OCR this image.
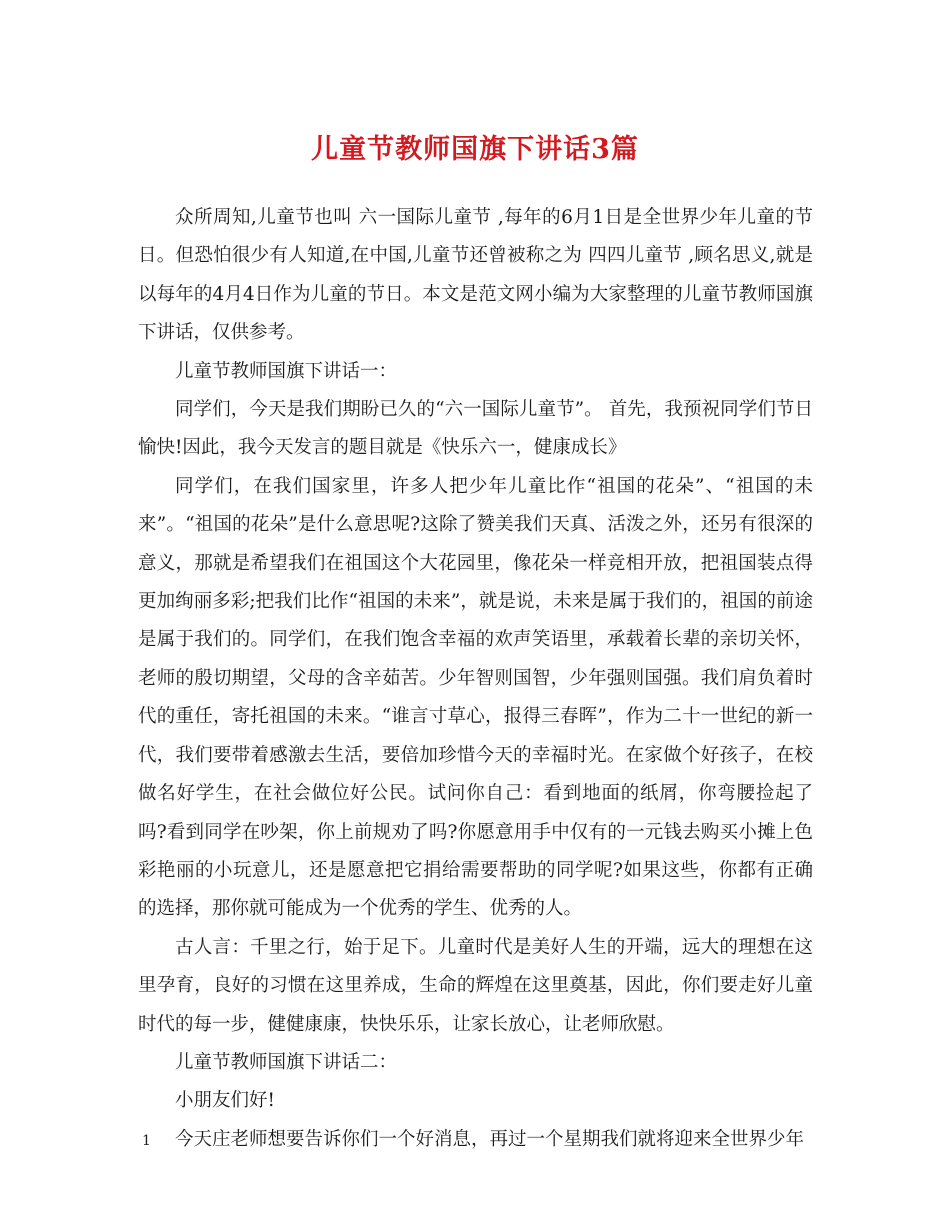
儿童节教师国旗下讲话3篇

众所周知,儿童节也叫 六一国际儿童节 ,每年的6月1日是全世界少年儿童的节日。但恐怕很少有人知道,在中国,儿童节还曾被称之为 四四儿童节 ,顾名思义,就是以每年的4月4日作为儿童的节日。本文是范文网小编为大家整理的儿童节教师国旗下讲话，仅供参考。

儿童节教师国旗下讲话一：

同学们，今天是我们期盼已久的“六一国际儿童节”。 首先，我预祝同学们节日愉快!因此，我今天发言的题目就是《快乐六一，健康成长》

同学们，在我们国家里，许多人把少年儿童比作“祖国的花朵”、“祖国的未来”。“祖国的花朵”是什么意思呢?这除了赞美我们天真、活泼之外，还另有很深的意义，那就是希望我们在祖国这个大花园里，像花朵一样竞相开放，把祖国装点得更加绚丽多彩;把我们比作“祖国的未来”，就是说，未来是属于我们的，祖国的前途是属于我们的。同学们，在我们饱含幸福的欢声笑语里，承载着长辈的亲切关怀，老师的殷切期望，父母的含辛茹苦。少年智则国智，少年强则国强。我们肩负着时代的重任，寄托祖国的未来。“谁言寸草心，报得三春晖”，作为二十一世纪的新一代，我们要带着感激去生活，要倍加珍惜今天的幸福时光。在家做个好孩子，在校做名好学生，在社会做位好公民。试问你自己：看到地面的纸屑，你弯腰捡起了吗?看到同学在吵架，你上前规劝了吗?你愿意用手中仅有的一元钱去购买小摊上色彩艳丽的小玩意儿，还是愿意把它捐给需要帮助的同学呢?如果这些，你都有正确的选择，那你就可能成为一个优秀的学生、优秀的人。

古人言：千里之行，始于足下。儿童时代是美好人生的开端，远大的理想在这里孕育，良好的习惯在这里养成，生命的辉煌在这里奠基，因此，你们要走好儿童时代的每一步，健健康康，快快乐乐，让家长放心，让老师欣慰。

儿童节教师国旗下讲话二：

小朋友们好!

今天庄老师想要告诉你们一个好消息，再过一个星期我们就将迎来全世界少年

1
